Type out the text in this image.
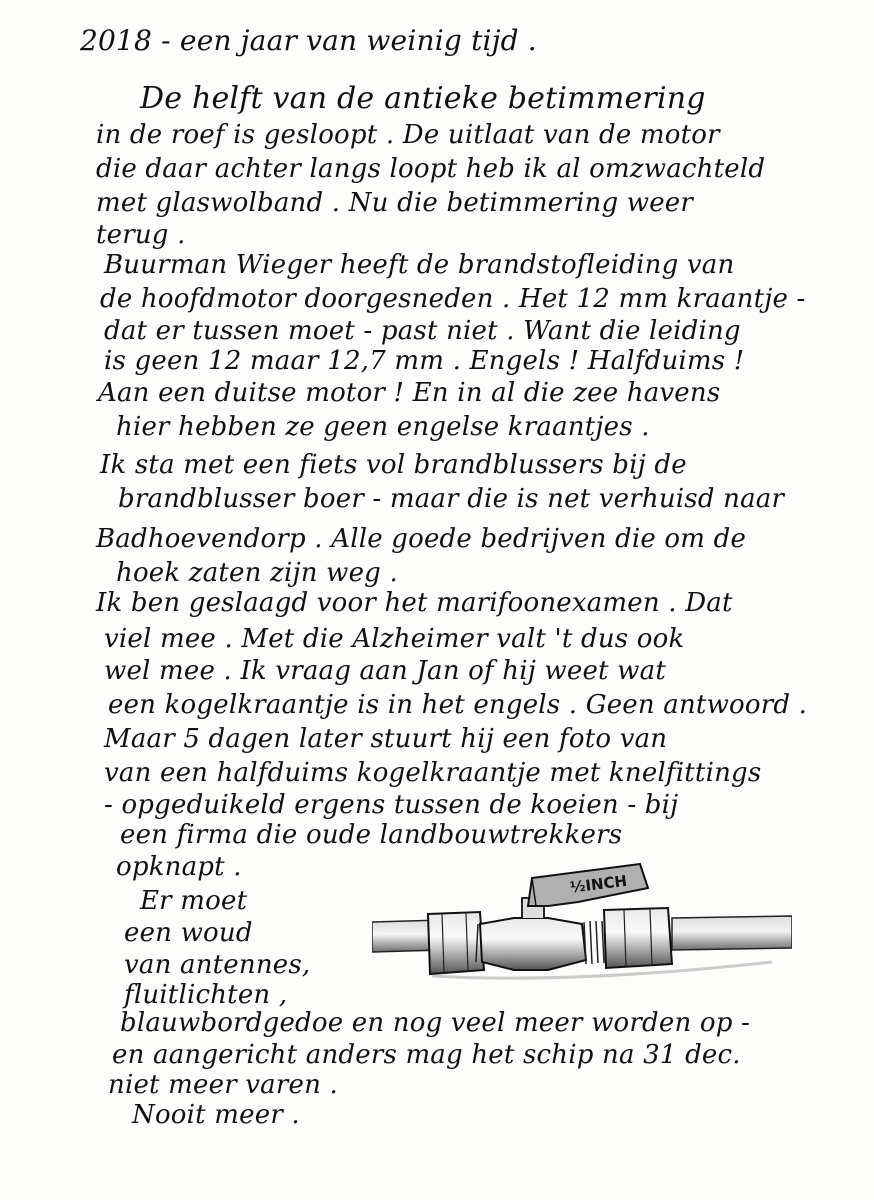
2018 - een jaar van weinig tijd .
De helft van de antieke betimmering
in de roef is gesloopt . De uitlaat van de motor
die daar achter langs loopt heb ik al omzwachteld
met glaswolband . Nu die betimmering weer
terug .
Buurman Wieger heeft de brandstofleiding van
de hoofdmotor doorgesneden . Het 12 mm kraantje -
dat er tussen moet - past niet . Want die leiding
is geen 12 maar 12,7 mm . Engels ! Halfduims !
Aan een duitse motor ! En in al die zee havens
hier hebben ze geen engelse kraantjes .
Ik sta met een fiets vol brandblussers bij de
brandblusser boer - maar die is net verhuisd naar
Badhoevendorp . Alle goede bedrijven die om de
hoek zaten zijn weg .
Ik ben geslaagd voor het marifoonexamen . Dat
viel mee . Met die Alzheimer valt 't dus ook
wel mee . Ik vraag aan Jan of hij weet wat
een kogelkraantje is in het engels . Geen antwoord .
Maar 5 dagen later stuurt hij een foto van
van een halfduims kogelkraantje met knelfittings
- opgeduikeld ergens tussen de koeien - bij
een firma die oude landbouwtrekkers
opknapt .
Er moet
een woud
van antennes,
fluitlichten ,
blauwbordgedoe en nog veel meer worden op -
en aangericht anders mag het schip na 31 dec.
niet meer varen .
Nooit meer .
½INCH
